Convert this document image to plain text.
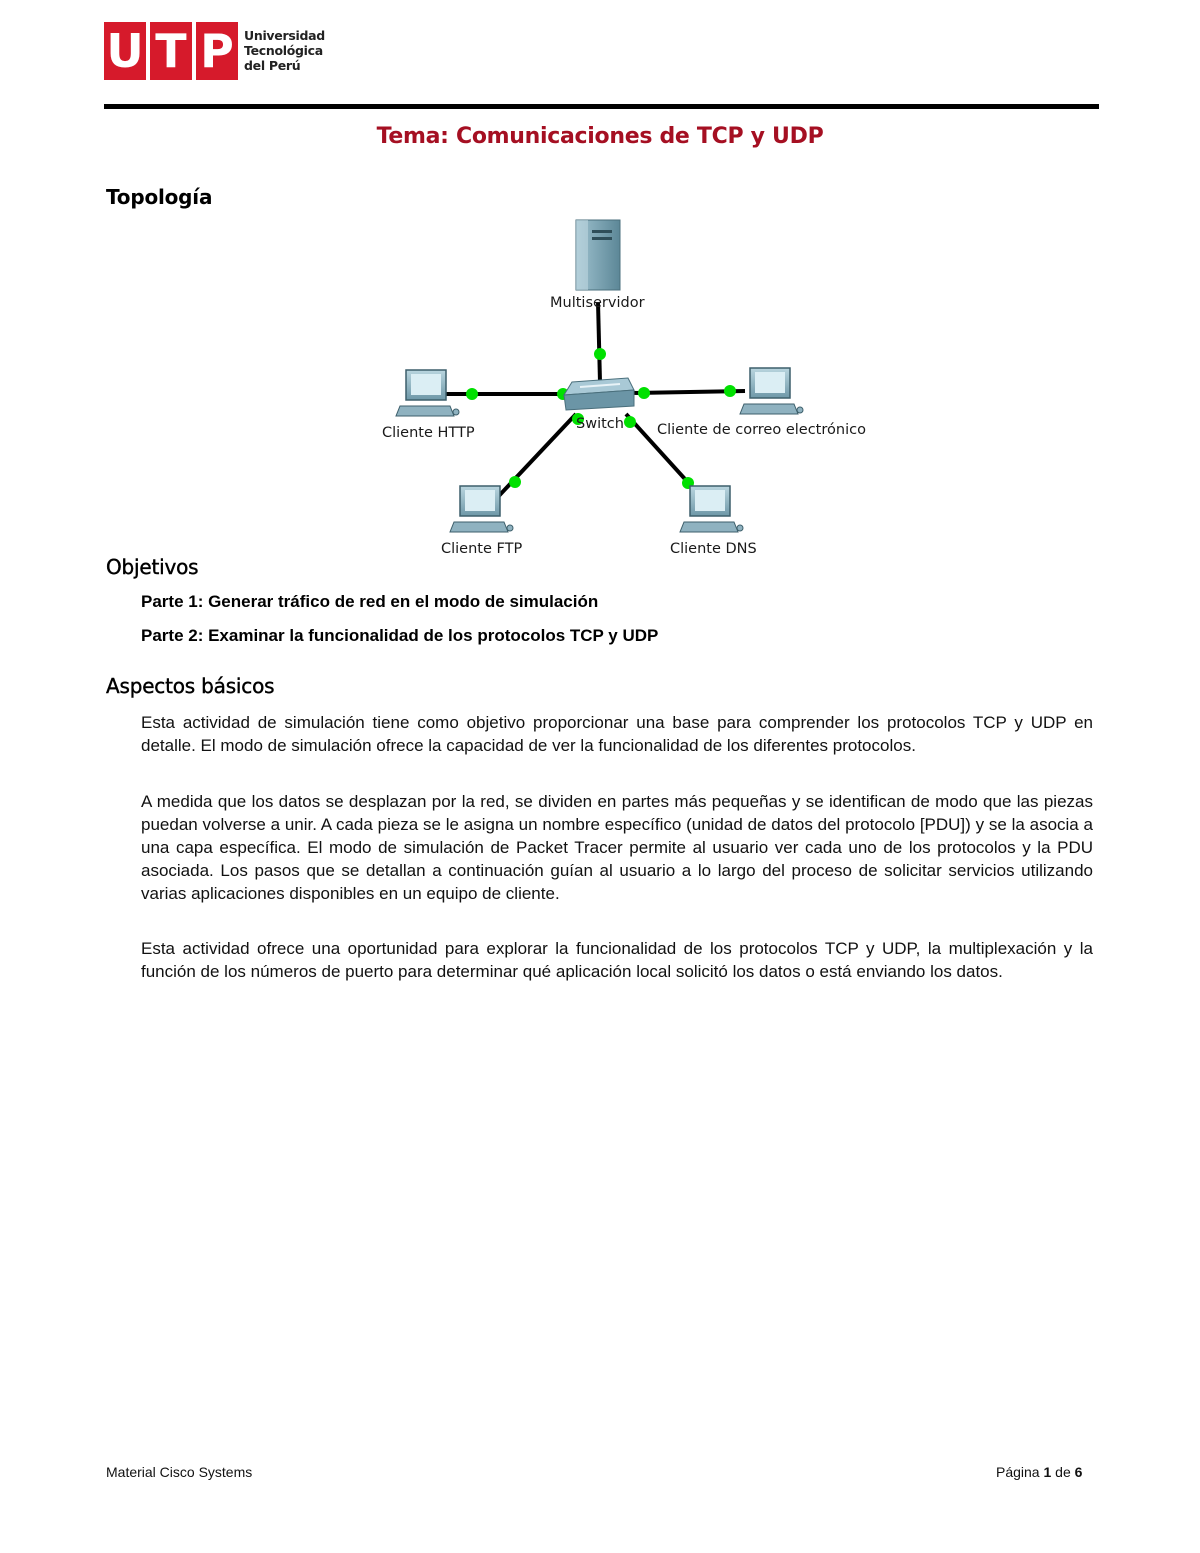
U T P Universidad
Tecnológica
del Perú
Tema: Comunicaciones de TCP y UDP
Topología
Multiservidor
Switch
Cliente HTTP	Cliente de correo electrónico
Cliente FTP	Cliente DNS
Objetivos
Parte 1: Generar tráfico de red en el modo de simulación
Parte 2: Examinar la funcionalidad de los protocolos TCP y UDP
Aspectos básicos
Esta actividad de simulación tiene como objetivo proporcionar una base para comprender los protocolos TCP y UDP en detalle. El modo de simulación ofrece la capacidad de ver la funcionalidad de los diferentes protocolos.
A medida que los datos se desplazan por la red, se dividen en partes más pequeñas y se identifican de modo que las piezas puedan volverse a unir. A cada pieza se le asigna un nombre específico (unidad de datos del protocolo [PDU]) y se la asocia a una capa específica. El modo de simulación de Packet Tracer permite al usuario ver cada uno de los protocolos y la PDU asociada. Los pasos que se detallan a continuación guían al usuario a lo largo del proceso de solicitar servicios utilizando varias aplicaciones disponibles en un equipo de cliente.
Esta actividad ofrece una oportunidad para explorar la funcionalidad de los protocolos TCP y UDP, la multiplexación y la función de los números de puerto para determinar qué aplicación local solicitó los datos o está enviando los datos.
Material Cisco Systems	Página 1 de 6
